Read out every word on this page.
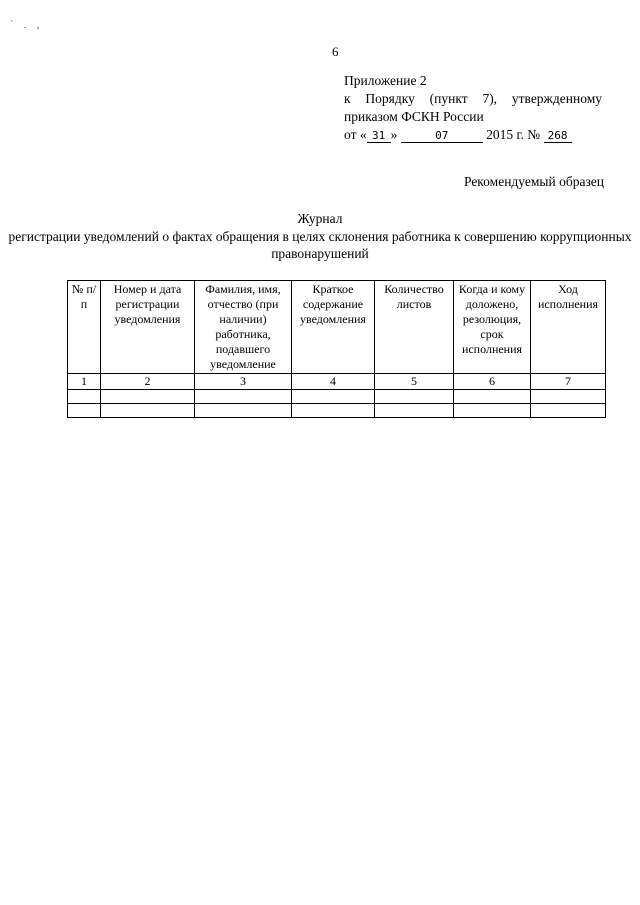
` . ,
6
Приложение 2
к Порядку (пункт 7), утвержденному
приказом ФСКН России
от « 31 »	07	2015 г. № 268
Рекомендуемый образец
Журнал
регистрации уведомлений о фактах обращения в целях склонения работника к совершению коррупционных правонарушений
№ п/п	Номер и дата регистрации уведомления	Фамилия, имя, отчество (при наличии) работника, подавшего уведомление	Краткое содержание уведомления	Количество листов	Когда и кому доложено, резолюция, срок исполнения	Ход исполнения
1	2	3	4	5	6	7
